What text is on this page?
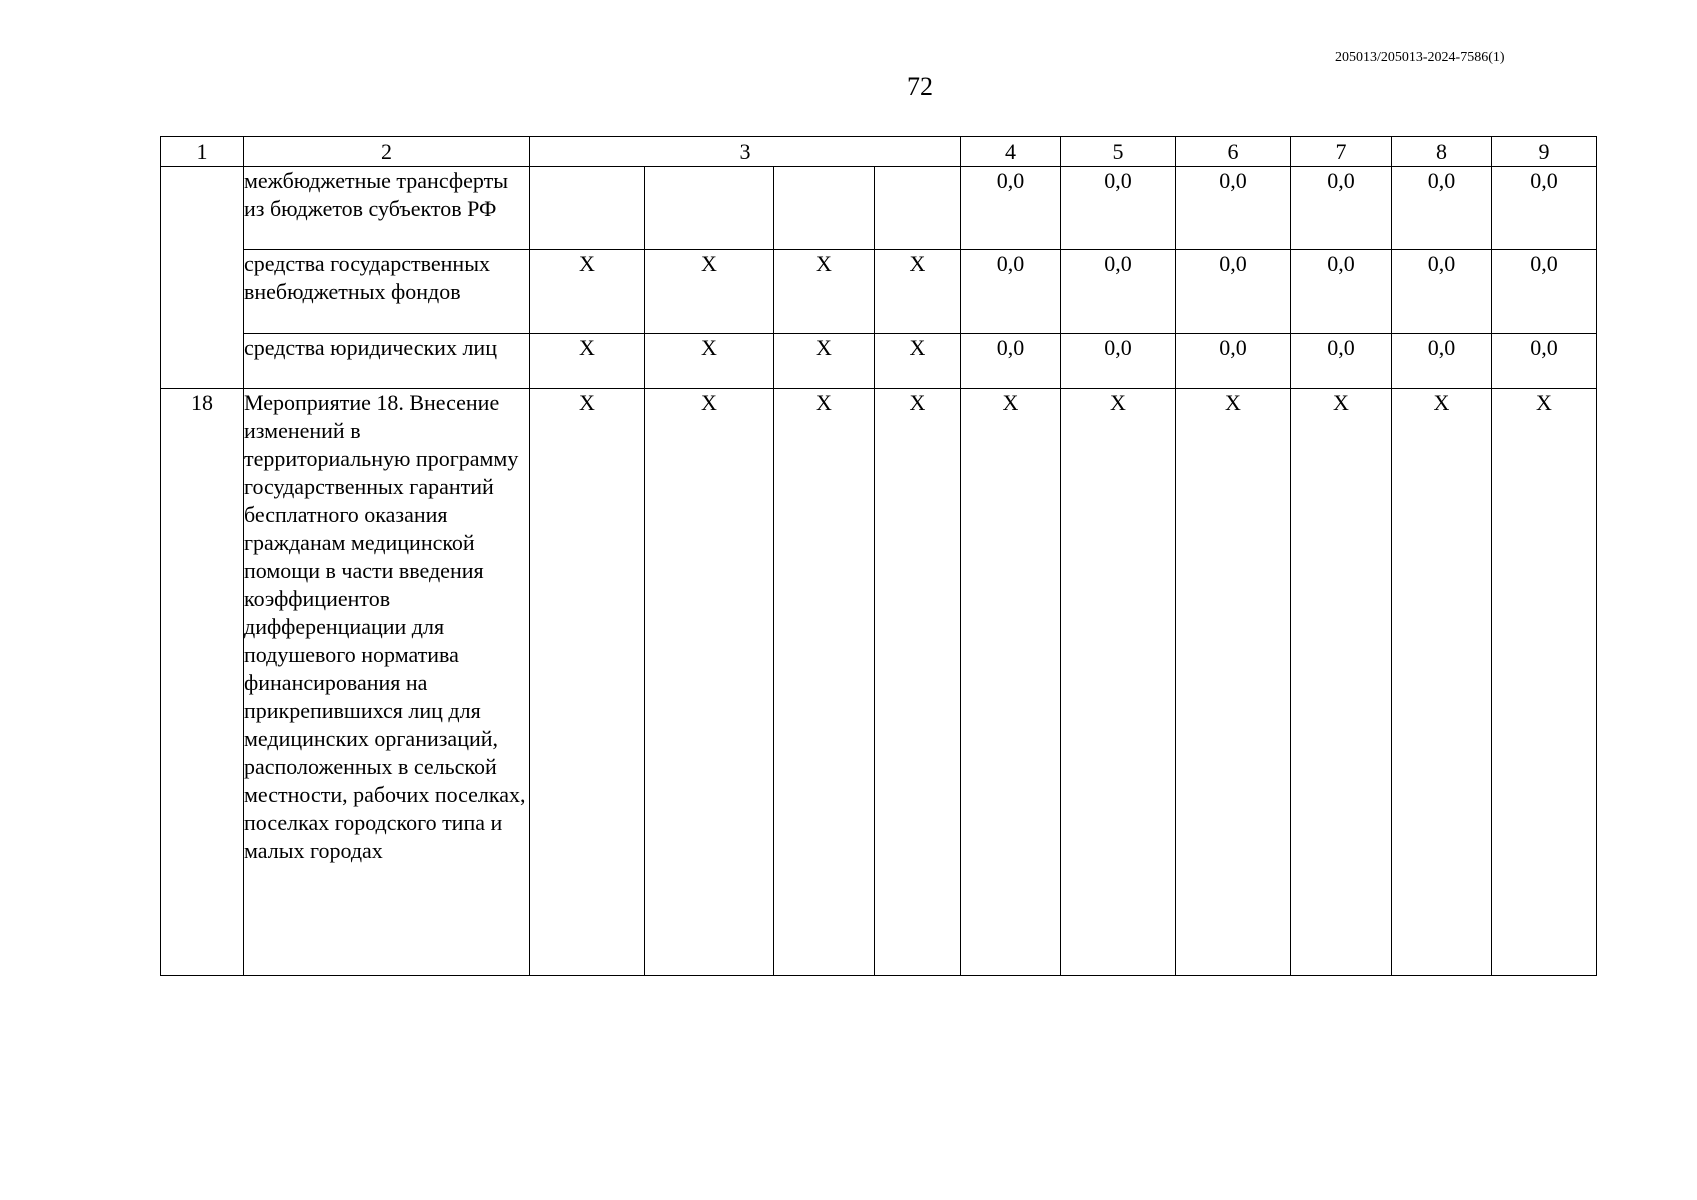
205013/205013-2024-7586(1)
72
1	2	3				4	5	6	7	8	9
	межбюджетные трансферты из бюджетов субъектов РФ					0,0	0,0	0,0	0,0	0,0	0,0
	средства государственных внебюджетных фондов	Х	Х	Х	Х	0,0	0,0	0,0	0,0	0,0	0,0
	средства юридических лиц	Х	Х	Х	Х	0,0	0,0	0,0	0,0	0,0	0,0
18	Мероприятие 18. Внесение изменений в территориальную программу государственных гарантий бесплатного оказания гражданам медицинской помощи в части введения коэффициентов дифференциации для подушевого норматива финансирования на прикрепившихся лиц для медицинских организаций, расположенных в сельской местности, рабочих поселках, поселках городского типа и малых городах	Х	Х	Х	Х	Х	Х	Х	Х	Х	Х
